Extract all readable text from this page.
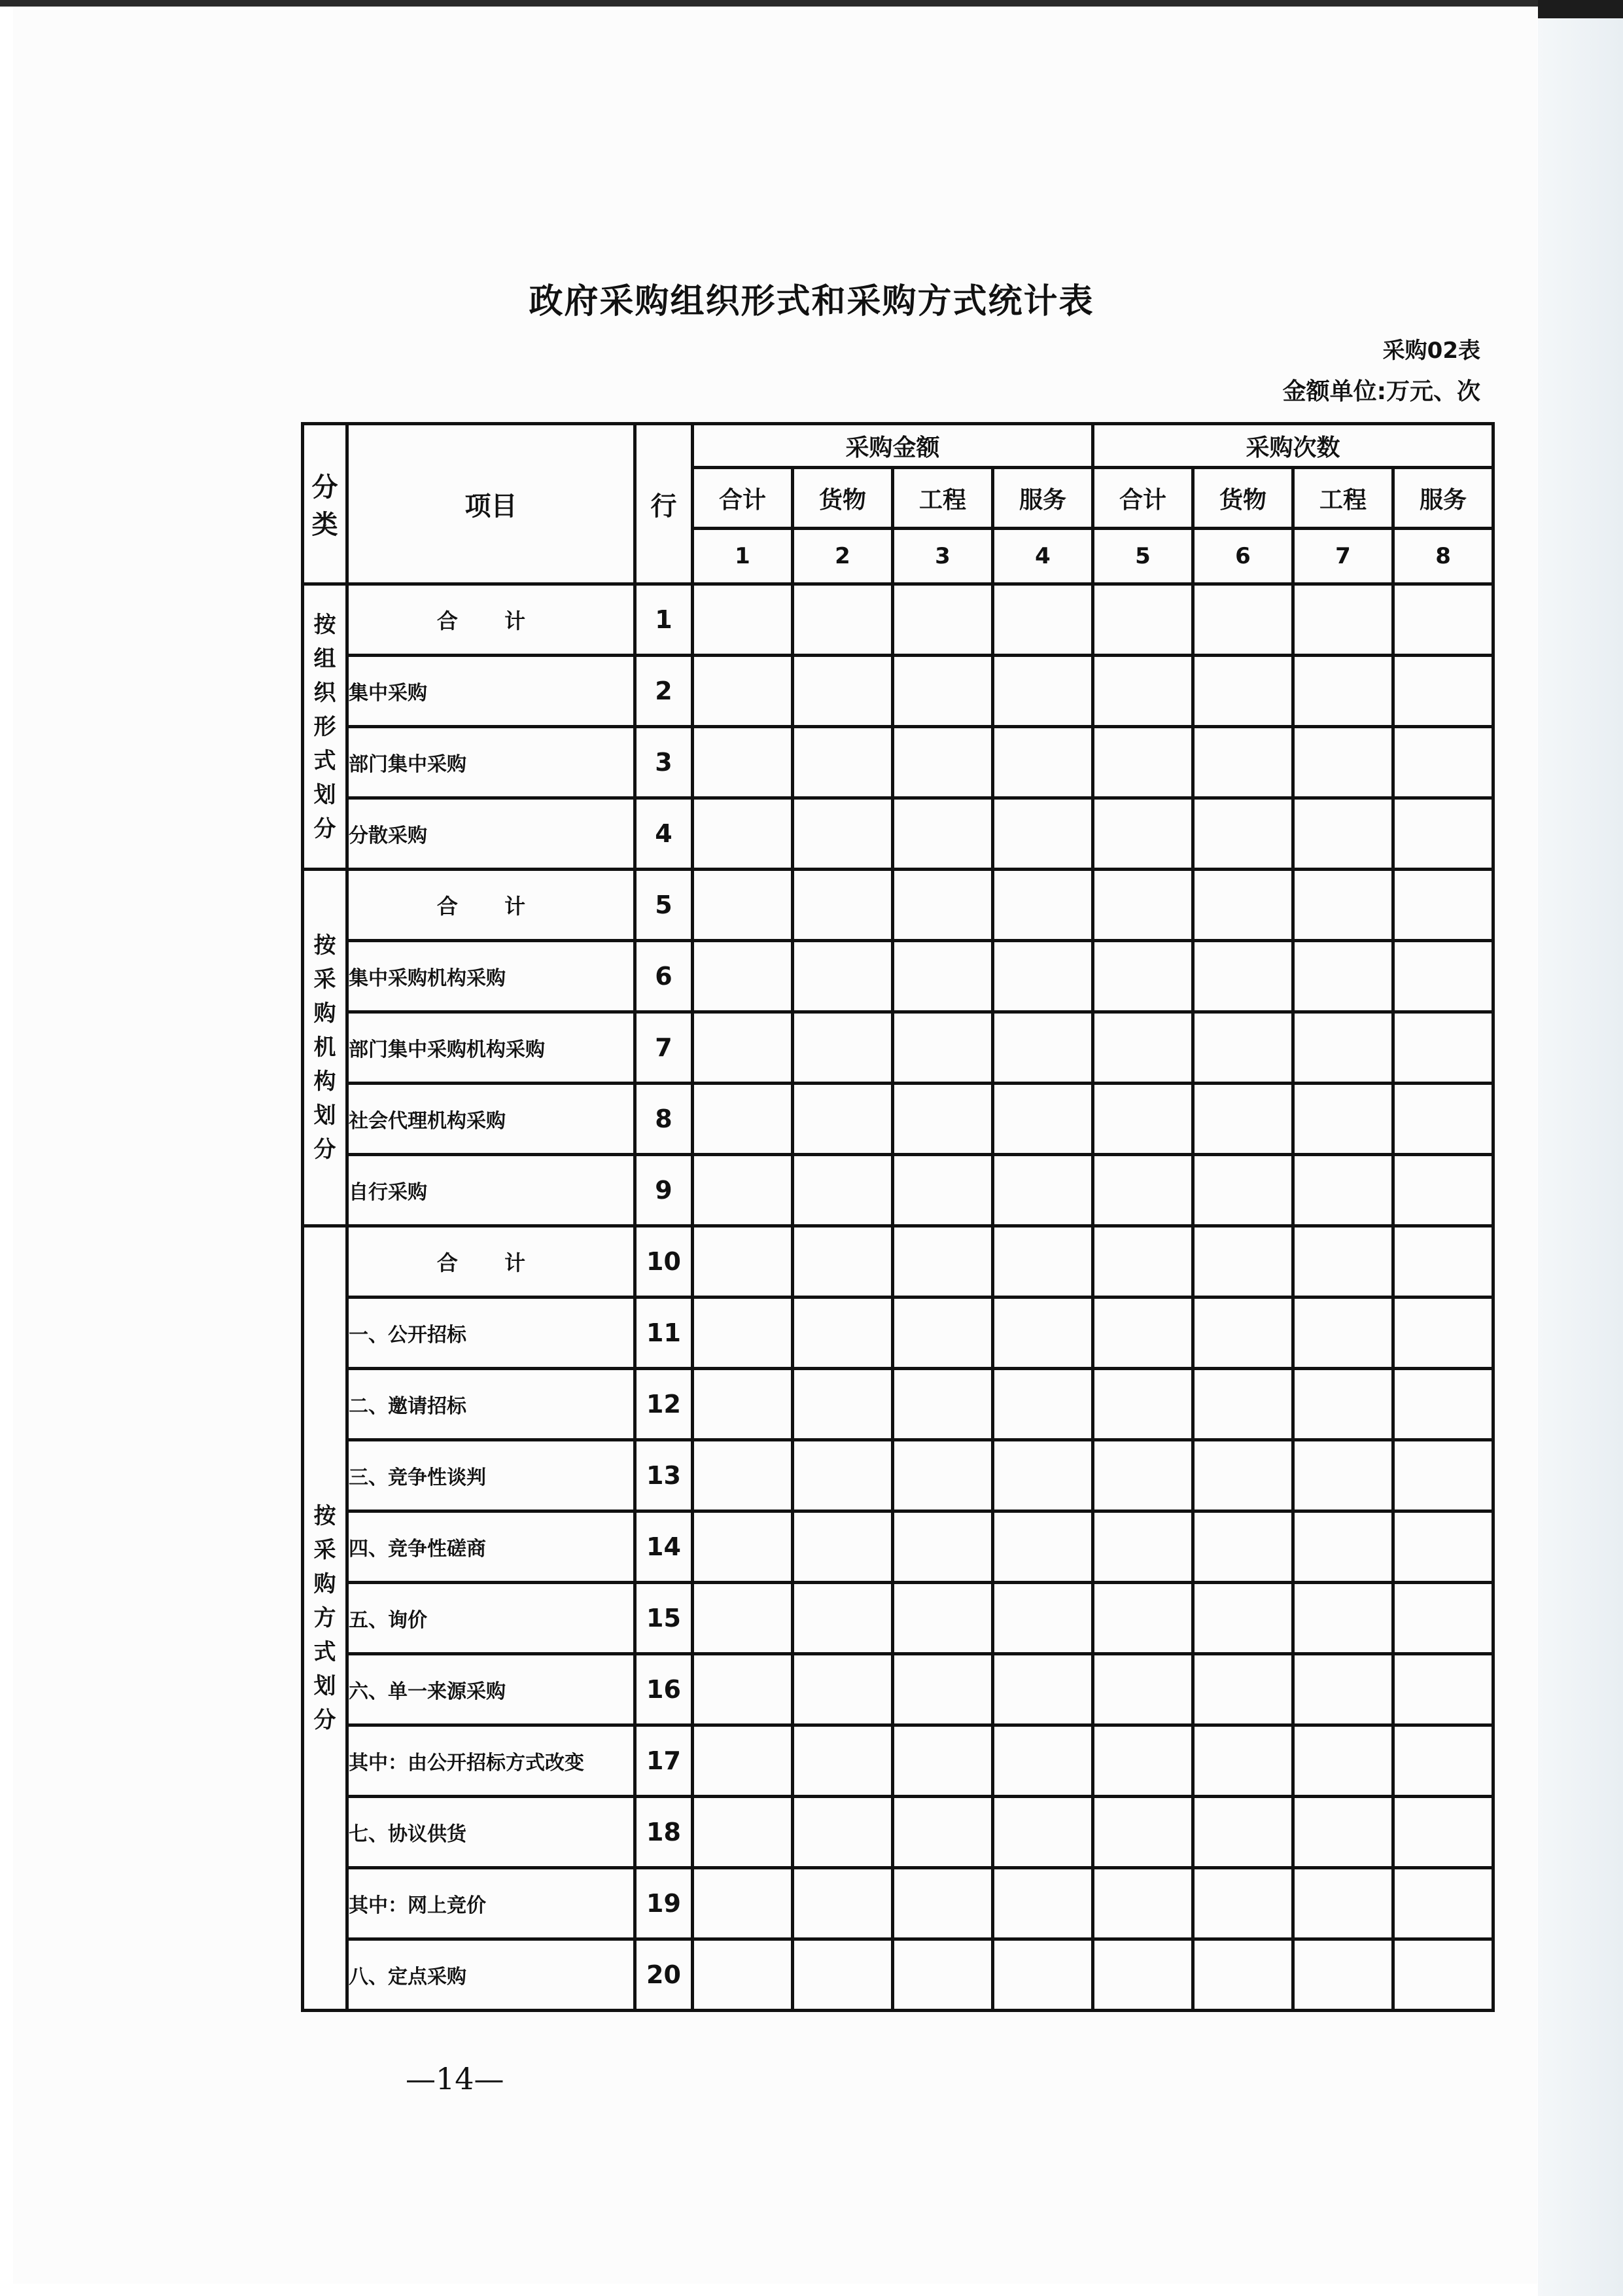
政府采购组织形式和采购方式统计表
采购02表
金额单位:万元、次
分类	项目	行	采购金额				采购次数			
			合计	货物	工程	服务	合计	货物	工程	服务
			1	2	3	4	5	6	7	8
按组织形式划分	合 计	1								
	集中采购	2								
	部门集中采购	3								
	分散采购	4								
按采购机构划分	合 计	5								
	集中采购机构采购	6								
	部门集中采购机构采购	7								
	社会代理机构采购	8								
	自行采购	9								
按采购方式划分	合 计	10								
	一、公开招标	11								
	二、邀请招标	12								
	三、竞争性谈判	13								
	四、竞争性磋商	14								
	五、询价	15								
	六、单一来源采购	16								
	其中：由公开招标方式改变	17								
	七、协议供货	18								
	其中：网上竞价	19								
	八、定点采购	20								
—14—
